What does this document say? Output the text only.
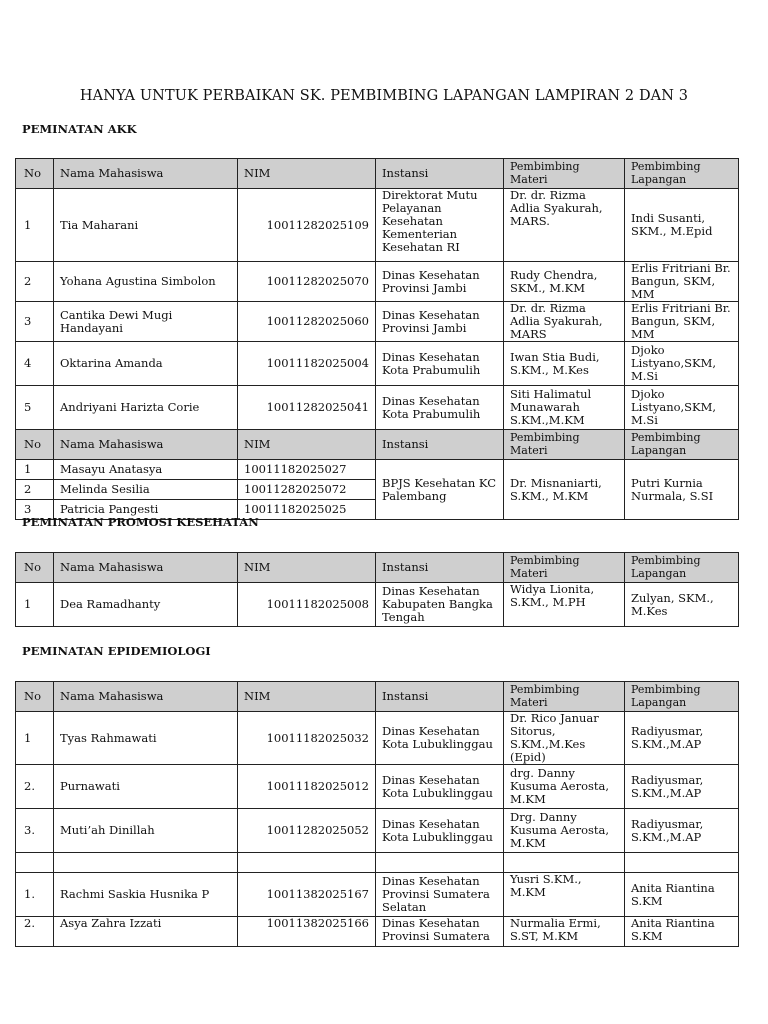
HANYA UNTUK PERBAIKAN SK. PEMBIMBING LAPANGAN LAMPIRAN 2 DAN 3
PEMINATAN AKK
No	Nama Mahasiswa	NIM	Instansi	Pembimbing Materi	Pembimbing Lapangan
1	Tia Maharani	10011282025109	Direktorat Mutu Pelayanan Kesehatan Kementerian Kesehatan RI	Dr. dr. Rizma Adlia Syakurah, MARS.	Indi Susanti, SKM., M.Epid
2	Yohana Agustina Simbolon	10011282025070	Dinas Kesehatan Provinsi Jambi	Rudy Chendra, SKM., M.KM	Erlis Fritriani Br. Bangun, SKM, MM
3	Cantika Dewi Mugi Handayani	10011282025060	Dinas Kesehatan Provinsi Jambi	Dr. dr. Rizma Adlia Syakurah, MARS	Erlis Fritriani Br. Bangun, SKM, MM
4	Oktarina Amanda	10011182025004	Dinas Kesehatan Kota Prabumulih	Iwan Stia Budi, S.KM., M.Kes	Djoko Listyano,SKM, M.Si
5	Andriyani Harizta Corie	10011282025041	Dinas Kesehatan Kota Prabumulih	Siti Halimatul Munawarah S.KM.,M.KM	Djoko Listyano,SKM, M.Si
No	Nama Mahasiswa	NIM	Instansi	Pembimbing Materi	Pembimbing Lapangan
1	Masayu Anatasya	10011182025027	BPJS Kesehatan KC Palembang	Dr. Misnaniarti, S.KM., M.KM	Putri Kurnia Nurmala, S.SI
2	Melinda Sesilia	10011282025072			
3	Patricia Pangesti	10011182025025			
PEMINATAN PROMOSI KESEHATAN
No	Nama Mahasiswa	NIM	Instansi	Pembimbing Materi	Pembimbing Lapangan
1	Dea Ramadhanty	10011182025008	Dinas Kesehatan Kabupaten Bangka Tengah	Widya Lionita, S.KM., M.PH	Zulyan, SKM., M.Kes
PEMINATAN EPIDEMIOLOGI
No	Nama Mahasiswa	NIM	Instansi	Pembimbing Materi	Pembimbing Lapangan
1	Tyas Rahmawati	10011182025032	Dinas Kesehatan Kota Lubuklinggau	Dr. Rico Januar Sitorus, S.KM.,M.Kes (Epid)	Radiyusmar, S.KM.,M.AP
2.	Purnawati	10011182025012	Dinas Kesehatan Kota Lubuklinggau	drg. Danny Kusuma Aerosta, M.KM	Radiyusmar, S.KM.,M.AP
3.	Muti’ah Dinillah	10011282025052	Dinas Kesehatan Kota Lubuklinggau	Drg. Danny Kusuma Aerosta, M.KM	Radiyusmar, S.KM.,M.AP

1.	Rachmi Saskia Husnika P	10011382025167	Dinas Kesehatan Provinsi Sumatera Selatan	Yusri S.KM., M.KM	Anita Riantina S.KM
2.	Asya Zahra Izzati	10011382025166	Dinas Kesehatan Provinsi Sumatera	Nurmalia Ermi, S.ST, M.KM	Anita Riantina S.KM
